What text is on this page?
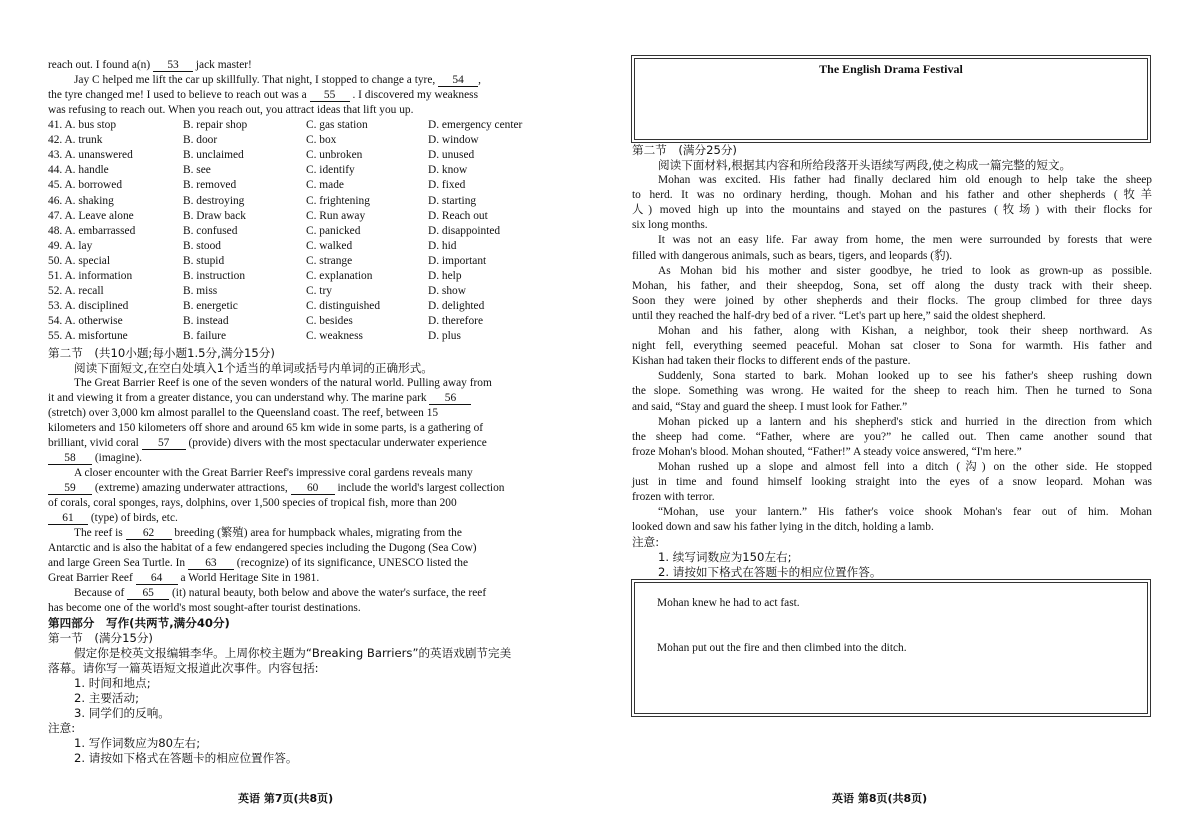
reach out. I found a(n) 53 jack master!
Jay C helped me lift the car up skillfully. That night, I stopped to change a tyre, 54 ,
the tyre changed me! I used to believe to reach out was a 55 . I discovered my weakness
was refusing to reach out. When you reach out, you attract ideas that lift you up.
41. A. bus stop	B. repair shop	C. gas station	D. emergency center
42. A. trunk	B. door	C. box	D. window
43. A. unanswered	B. unclaimed	C. unbroken	D. unused
44. A. handle	B. see	C. identify	D. know
45. A. borrowed	B. removed	C. made	D. fixed
46. A. shaking	B. destroying	C. frightening	D. starting
47. A. Leave alone	B. Draw back	C. Run away	D. Reach out
48. A. embarrassed	B. confused	C. panicked	D. disappointed
49. A. lay	B. stood	C. walked	D. hid
50. A. special	B. stupid	C. strange	D. important
51. A. information	B. instruction	C. explanation	D. help
52. A. recall	B. miss	C. try	D. show
53. A. disciplined	B. energetic	C. distinguished	D. delighted
54. A. otherwise	B. instead	C. besides	D. therefore
55. A. misfortune	B. failure	C. weakness	D. plus
第二节　(共10小题;每小题1.5分,满分15分)
阅读下面短文,在空白处填入1个适当的单词或括号内单词的正确形式。
The Great Barrier Reef is one of the seven wonders of the natural world. Pulling away from
it and viewing it from a greater distance, you can understand why. The marine park 56
(stretch) over 3,000 km almost parallel to the Queensland coast. The reef, between 15
kilometers and 150 kilometers off shore and around 65 km wide in some parts, is a gathering of
brilliant, vivid coral 57 (provide) divers with the most spectacular underwater experience
58 (imagine).
A closer encounter with the Great Barrier Reef's impressive coral gardens reveals many
59 (extreme) amazing underwater attractions, 60 include the world's largest collection
of corals, coral sponges, rays, dolphins, over 1,500 species of tropical fish, more than 200
61 (type) of birds, etc.
The reef is 62 breeding (繁殖) area for humpback whales, migrating from the
Antarctic and is also the habitat of a few endangered species including the Dugong (Sea Cow)
and large Green Sea Turtle. In 63 (recognize) of its significance, UNESCO listed the
Great Barrier Reef 64 a World Heritage Site in 1981.
Because of 65 (it) natural beauty, both below and above the water's surface, the reef
has become one of the world's most sought-after tourist destinations.
第四部分　写作(共两节,满分40分)
第一节　(满分15分)
假定你是校英文报编辑李华。上周你校主题为“Breaking Barriers”的英语戏剧节完美
落幕。请你写一篇英语短文报道此次事件。内容包括:
1. 时间和地点;
2. 主要活动;
3. 同学们的反响。
注意:
1. 写作词数应为80左右;
2. 请按如下格式在答题卡的相应位置作答。
英语 第7页(共8页)
The English Drama Festival
第二节　(满分25分)
阅读下面材料,根据其内容和所给段落开头语续写两段,使之构成一篇完整的短文。
Mohan was excited. His father had finally declared him old enough to help take the sheep
to herd. It was no ordinary herding, though. Mohan and his father and other shepherds (牧羊
人) moved high up into the mountains and stayed on the pastures (牧场) with their flocks for
six long months.
It was not an easy life. Far away from home, the men were surrounded by forests that were
filled with dangerous animals, such as bears, tigers, and leopards (豹).
As Mohan bid his mother and sister goodbye, he tried to look as grown-up as possible.
Mohan, his father, and their sheepdog, Sona, set off along the dusty track with their sheep.
Soon they were joined by other shepherds and their flocks. The group climbed for three days
until they reached the half-dry bed of a river. “Let's part up here,” said the oldest shepherd.
Mohan and his father, along with Kishan, a neighbor, took their sheep northward. As
night fell, everything seemed peaceful. Mohan sat closer to Sona for warmth. His father and
Kishan had taken their flocks to different ends of the pasture.
Suddenly, Sona started to bark. Mohan looked up to see his father's sheep rushing down
the slope. Something was wrong. He waited for the sheep to reach him. Then he turned to Sona
and said, “Stay and guard the sheep. I must look for Father.”
Mohan picked up a lantern and his shepherd's stick and hurried in the direction from which
the sheep had come. “Father, where are you?” he called out. Then came another sound that
froze Mohan's blood. Mohan shouted, “Father!” A steady voice answered, “I'm here.”
Mohan rushed up a slope and almost fell into a ditch (沟) on the other side. He stopped
just in time and found himself looking straight into the eyes of a snow leopard. Mohan was
frozen with terror.
“Mohan, use your lantern.” His father's voice shook Mohan's fear out of him. Mohan
looked down and saw his father lying in the ditch, holding a lamb.
注意:
1. 续写词数应为150左右;
2. 请按如下格式在答题卡的相应位置作答。
Mohan knew he had to act fast.
Mohan put out the fire and then climbed into the ditch.
英语 第8页(共8页)
